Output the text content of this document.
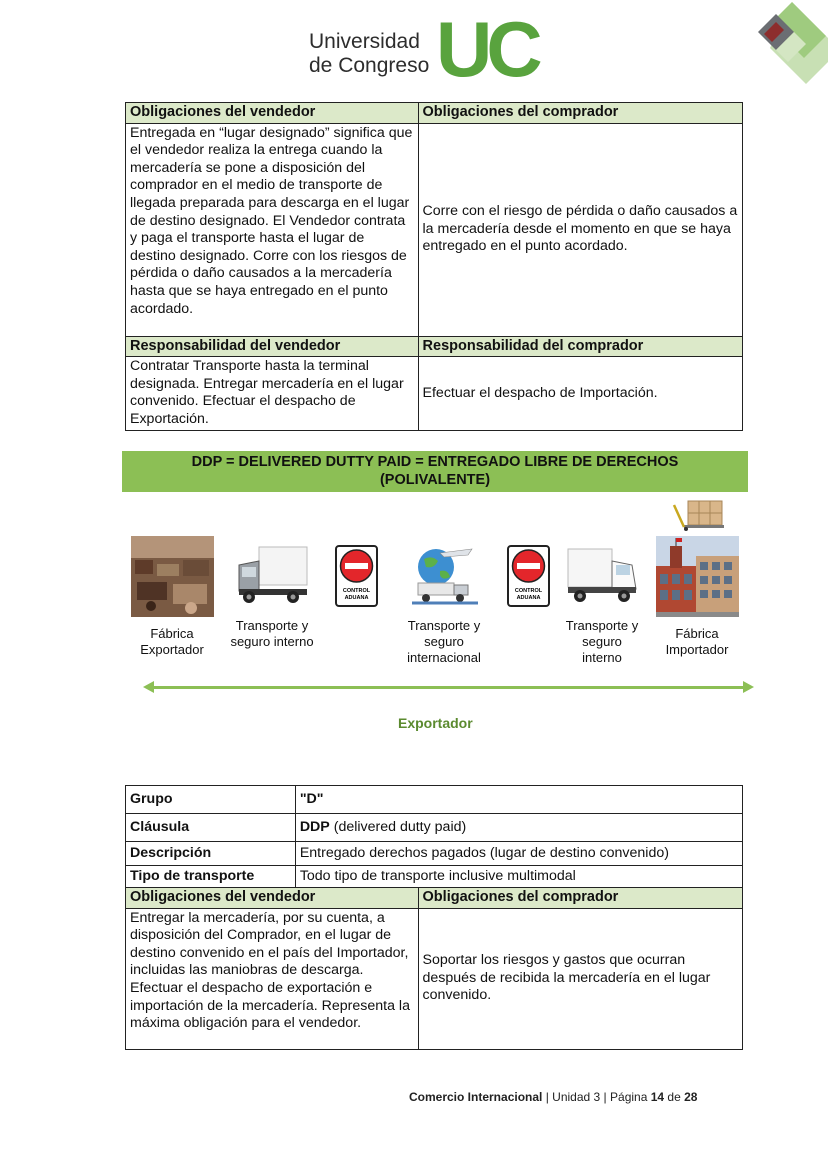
Universidad
de Congreso UC
Obligaciones del vendedor	Obligaciones del comprador
Entregada en “lugar designado” significa que el vendedor realiza la entrega cuando la mercadería se pone a disposición del comprador en el medio de transporte de llegada preparada para descarga en el lugar de destino designado. El Vendedor contrata y paga el transporte hasta el lugar de destino designado. Corre con los riesgos de pérdida o daño causados a la mercadería hasta que se haya entregado en el punto acordado.	Corre con el riesgo de pérdida o daño causados a la mercadería desde el momento en que se haya entregado en el punto acordado.
Responsabilidad del vendedor	Responsabilidad del comprador
Contratar Transporte hasta la terminal designada. Entregar mercadería en el lugar convenido. Efectuar el despacho de Exportación.	Efectuar el despacho de Importación.
DDP = DELIVERED DUTTY PAID = ENTREGADO LIBRE DE DERECHOS
(POLIVALENTE)
CONTROL
ADUANA
CONTROL
ADUANA
Fábrica Exportador
Transporte y seguro interno
Transporte y seguro internacional
Transporte y seguro interno
Fábrica Importador
Exportador
Grupo	"D"	
Cláusula	DDP (delivered dutty paid)	
Descripción	Entregado derechos pagados (lugar de destino convenido)	
Tipo de transporte	Todo tipo de transporte inclusive multimodal	
Obligaciones del vendedor		Obligaciones del comprador
Entregar la mercadería, por su cuenta, a disposición del Comprador, en el lugar de destino convenido en el país del Importador, incluidas las maniobras de descarga. Efectuar el despacho de exportación e importación de la mercadería. Representa la máxima obligación para el vendedor.		Soportar los riesgos y gastos que ocurran después de recibida la mercadería en el lugar convenido.
Comercio Internacional | Unidad 3 | Página 14 de 28
